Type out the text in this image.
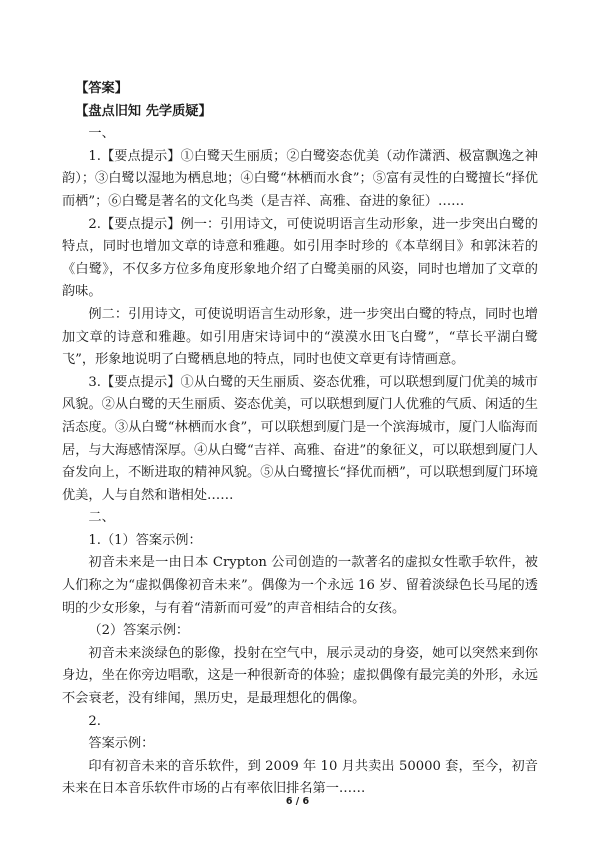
【答案】

【盘点旧知 先学质疑】

一、

1.【要点提示】①白鹭天生丽质；②白鹭姿态优美（动作潇洒、极富飘逸之神韵）；③白鹭以湿地为栖息地；④白鹭“林栖而水食”；⑤富有灵性的白鹭擅长“择优而栖”；⑥白鹭是著名的文化鸟类（是吉祥、高雅、奋进的象征）……

2.【要点提示】例一：引用诗文，可使说明语言生动形象，进一步突出白鹭的特点，同时也增加文章的诗意和雅趣。如引用李时珍的《本草纲目》和郭沫若的《白鹭》，不仅多方位多角度形象地介绍了白鹭美丽的风姿，同时也增加了文章的韵味。

例二：引用诗文，可使说明语言生动形象，进一步突出白鹭的特点，同时也增加文章的诗意和雅趣。如引用唐宋诗词中的“漠漠水田飞白鹭”，“草长平湖白鹭飞”，形象地说明了白鹭栖息地的特点，同时也使文章更有诗情画意。

3.【要点提示】①从白鹭的天生丽质、姿态优雅，可以联想到厦门优美的城市风貌。②从白鹭的天生丽质、姿态优美，可以联想到厦门人优雅的气质、闲适的生活态度。③从白鹭“林栖而水食”，可以联想到厦门是一个滨海城市，厦门人临海而居，与大海感情深厚。④从白鹭“吉祥、高雅、奋进”的象征义，可以联想到厦门人奋发向上，不断进取的精神风貌。⑤从白鹭擅长“择优而栖”，可以联想到厦门环境优美，人与自然和谐相处……

二、

1.（1）答案示例：

初音未来是一由日本 Crypton 公司创造的一款著名的虚拟女性歌手软件，被人们称之为“虚拟偶像初音未来”。偶像为一个永远 16 岁、留着淡绿色长马尾的透明的少女形象，与有着“清新而可爱”的声音相结合的女孩。

（2）答案示例：

初音未来淡绿色的影像，投射在空气中，展示灵动的身姿，她可以突然来到你身边，坐在你旁边唱歌，这是一种很新奇的体验；虚拟偶像有最完美的外形，永远不会衰老，没有绯闻，黑历史，是最理想化的偶像。

2.

答案示例：

印有初音未来的音乐软件，到 2009 年 10 月共卖出 50000 套，至今，初音未来在日本音乐软件市场的占有率依旧排名第一……

6 / 6
